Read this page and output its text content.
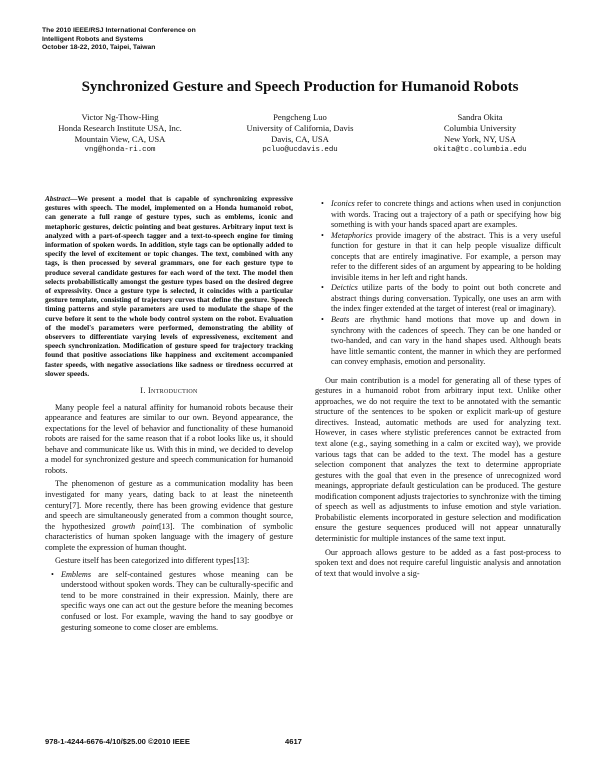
The 2010 IEEE/RSJ International Conference on
Intelligent Robots and Systems
October 18-22, 2010, Taipei, Taiwan
Synchronized Gesture and Speech Production for Humanoid Robots
Victor Ng-Thow-Hing
Honda Research Institute USA, Inc.
Mountain View, CA, USA
vng@honda-ri.com
Pengcheng Luo
University of California, Davis
Davis, CA, USA
pcluo@ucdavis.edu
Sandra Okita
Columbia University
New York, NY, USA
okita@tc.columbia.edu

Abstract—We present a model that is capable of synchronizing expressive gestures with speech. The model, implemented on a Honda humanoid robot, can generate a full range of gesture types, such as emblems, iconic and metaphoric gestures, deictic pointing and beat gestures. Arbitrary input text is analyzed with a part-of-speech tagger and a text-to-speech engine for timing information of spoken words. In addition, style tags can be optionally added to specify the level of excitement or topic changes. The text, combined with any tags, is then processed by several grammars, one for each gesture type to produce several candidate gestures for each word of the text. The model then selects probabilistically amongst the gesture types based on the desired degree of expressivity. Once a gesture type is selected, it coincides with a particular gesture template, consisting of trajectory curves that define the gesture. Speech timing patterns and style parameters are used to modulate the shape of the curve before it sent to the whole body control system on the robot. Evaluation of the model's parameters were performed, demonstrating the ability of observers to differentiate varying levels of expressiveness, excitement and speech synchronization. Modification of gesture speed for trajectory tracking found that positive associations like happiness and excitement accompanied faster speeds, with negative associations like sadness or tiredness occurred at slower speeds.

I. Introduction

Many people feel a natural affinity for humanoid robots because their appearance and features are similar to our own. Beyond appearance, the expectations for the level of behavior and functionality of these humanoid robots are raised for the same reason that if a robot looks like us, it should behave and communicate like us. With this in mind, we decided to develop a model for synchronized gesture and speech communication for humanoid robots.

The phenomenon of gesture as a communication modality has been investigated for many years, dating back to at least the nineteenth century[7]. More recently, there has been growing evidence that gesture and speech are simultaneously generated from a common thought source, the hypothesized growth point[13]. The combination of symbolic characteristics of human spoken language with the imagery of gesture complete the expression of human thought.

Gesture itself has been categorized into different types[13]:

• Emblems are self-contained gestures whose meaning can be understood without spoken words. They can be culturally-specific and tend to be more constrained in their expression. Mainly, there are specific ways one can act out the gesture before the meaning becomes confused or lost. For example, waving the hand to say goodbye or gesturing someone to come closer are emblems.
• Iconics refer to concrete things and actions when used in conjunction with words. Tracing out a trajectory of a path or specifying how big something is with your hands spaced apart are examples.
• Metaphorics provide imagery of the abstract. This is a very useful function for gesture in that it can help people visualize difficult concepts that are entirely imaginative. For example, a person may refer to the different sides of an argument by appearing to be holding invisible items in her left and right hands.
• Deictics utilize parts of the body to point out both concrete and abstract things during conversation. Typically, one uses an arm with the index finger extended at the target of interest (real or imaginary).
• Beats are rhythmic hand motions that move up and down in synchrony with the cadences of speech. They can be one handed or two-handed, and can vary in the hand shapes used. Although beats have little semantic content, the manner in which they are performed can convey emphasis, emotion and personality.

Our main contribution is a model for generating all of these types of gestures in a humanoid robot from arbitrary input text. Unlike other approaches, we do not require the text to be annotated with the semantic structure of the sentences to be spoken or explicit mark-up of gesture directives. Instead, automatic methods are used for analyzing text. However, in cases where stylistic preferences cannot be extracted from text alone (e.g., saying something in a calm or excited way), we provide various tags that can be added to the text. The model has a gesture selection component that analyzes the text to determine appropriate gestures with the goal that even in the presence of unrecognized word meanings, appropriate default gesticulation can be produced. The gesture modification component adjusts trajectories to synchronize with the timing of speech as well as adjustments to infuse emotion and style variation. Probabilistic elements incorporated in gesture selection and modification ensure the gesture sequences produced will not appear unnaturally deterministic for multiple instances of the same text input.

Our approach allows gesture to be added as a fast post-process to spoken text and does not require careful linguistic analysis and annotation of text that would involve a sig-

978-1-4244-6676-4/10/$25.00 ©2010 IEEE	4617
